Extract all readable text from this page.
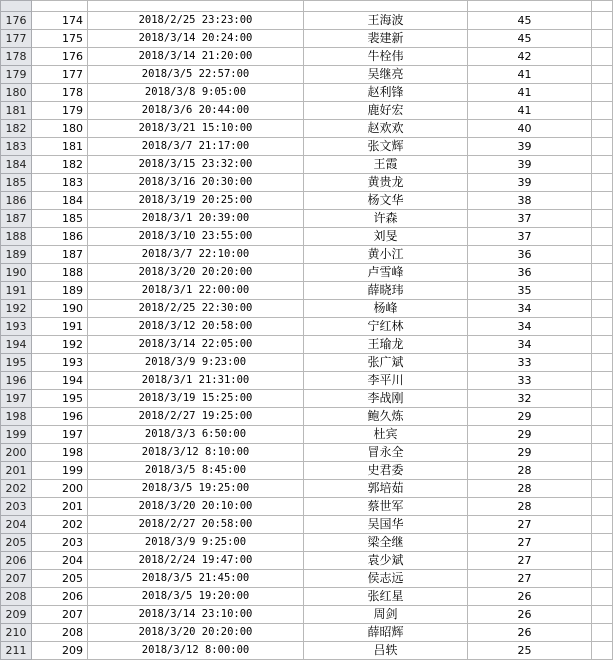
176	174	2018/2/25 23:23:00	王海波	45	
177	175	2018/3/14 20:24:00	裴建新	45	
178	176	2018/3/14 21:20:00	牛栓伟	42	
179	177	2018/3/5 22:57:00	吴继亮	41	
180	178	2018/3/8 9:05:00	赵利锋	41	
181	179	2018/3/6 20:44:00	鹿好宏	41	
182	180	2018/3/21 15:10:00	赵欢欢	40	
183	181	2018/3/7 21:17:00	张文辉	39	
184	182	2018/3/15 23:32:00	王霞	39	
185	183	2018/3/16 20:30:00	黄贵龙	39	
186	184	2018/3/19 20:25:00	杨文华	38	
187	185	2018/3/1 20:39:00	许森	37	
188	186	2018/3/10 23:55:00	刘旻	37	
189	187	2018/3/7 22:10:00	黄小江	36	
190	188	2018/3/20 20:20:00	卢雪峰	36	
191	189	2018/3/1 22:00:00	薛晓玮	35	
192	190	2018/2/25 22:30:00	杨峰	34	
193	191	2018/3/12 20:58:00	宁红林	34	
194	192	2018/3/14 22:05:00	王瑜龙	34	
195	193	2018/3/9 9:23:00	张广斌	33	
196	194	2018/3/1 21:31:00	李平川	33	
197	195	2018/3/19 15:25:00	李战刚	32	
198	196	2018/2/27 19:25:00	鲍久炼	29	
199	197	2018/3/3 6:50:00	杜宾	29	
200	198	2018/3/12 8:10:00	冒永全	29	
201	199	2018/3/5 8:45:00	史君委	28	
202	200	2018/3/5 19:25:00	郭培茹	28	
203	201	2018/3/20 20:10:00	蔡世军	28	
204	202	2018/2/27 20:58:00	吴国华	27	
205	203	2018/3/9 9:25:00	梁全继	27	
206	204	2018/2/24 19:47:00	袁少斌	27	
207	205	2018/3/5 21:45:00	侯志远	27	
208	206	2018/3/5 19:20:00	张红星	26	
209	207	2018/3/14 23:10:00	周剑	26	
210	208	2018/3/20 20:20:00	薛昭辉	26	
211	209	2018/3/12 8:00:00	吕轶	25	
